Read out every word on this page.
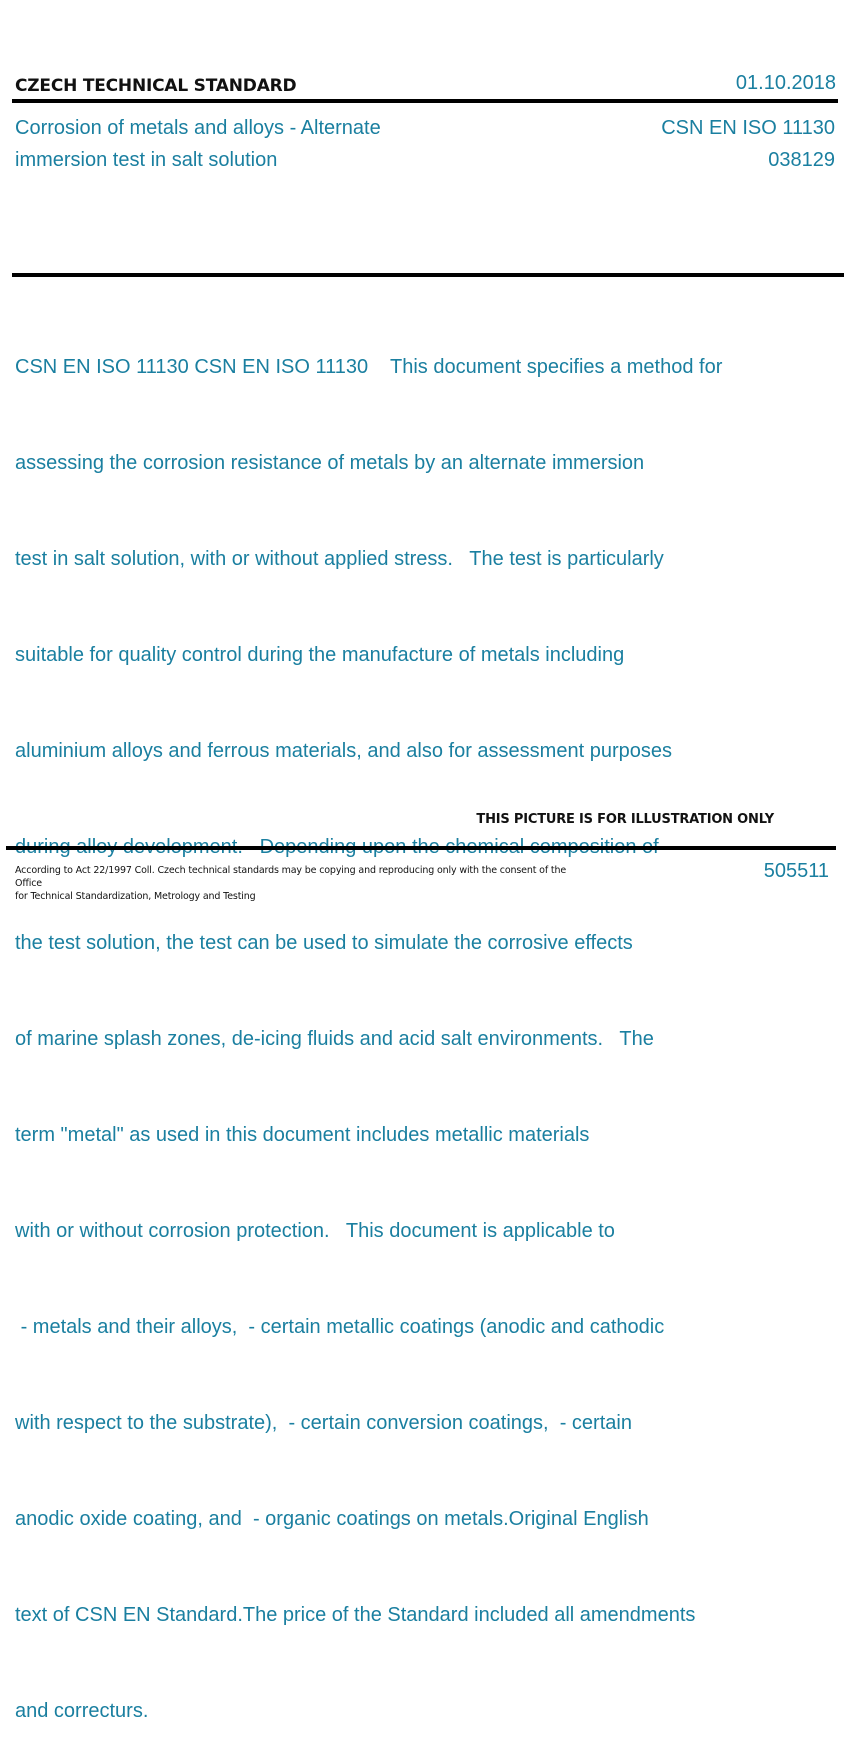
CZECH TECHNICAL STANDARD	01.10.2018
Corrosion of metals and alloys - Alternate
immersion test in salt solution
CSN EN ISO 11130
038129

CSN EN ISO 11130 CSN EN ISO 11130    This document specifies a method for

assessing the corrosion resistance of metals by an alternate immersion

test in salt solution, with or without applied stress.   The test is particularly

suitable for quality control during the manufacture of metals including

aluminium alloys and ferrous materials, and also for assessment purposes

the test solution, the test can be used to simulate the corrosive effects

of marine splash zones, de-icing fluids and acid salt environments.   The

term "metal" as used in this document includes metallic materials

with or without corrosion protection.   This document is applicable to

- metals and their alloys,  - certain metallic coatings (anodic and cathodic

with respect to the substrate),  - certain conversion coatings,  - certain

anodic oxide coating, and  - organic coatings on metals.Original English

text of CSN EN Standard.The price of the Standard included all amendments

and correcturs.

THIS PICTURE IS FOR ILLUSTRATION ONLY
According to Act 22/1997 Coll. Czech technical standards may be copying and reproducing only with the consent of the Office
for Technical Standardization, Metrology and Testing
505511
